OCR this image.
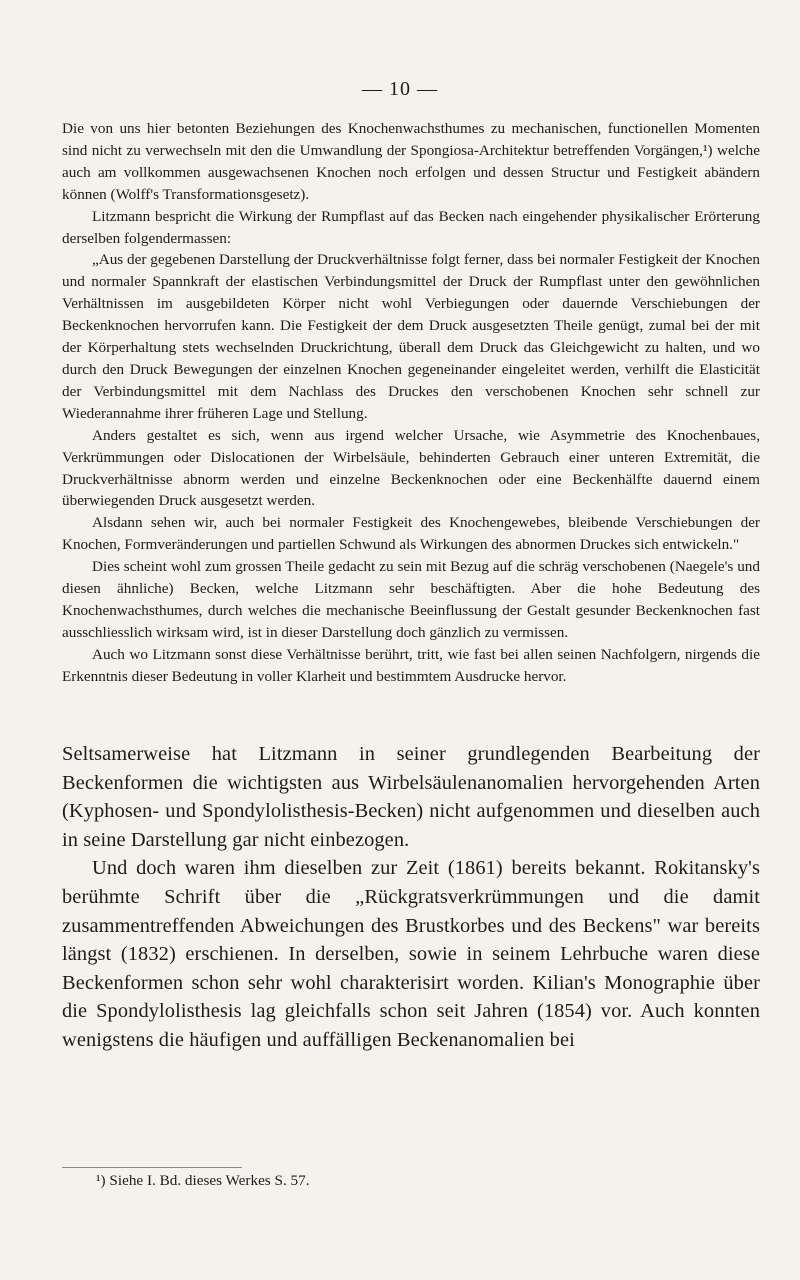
— 10 —

Die von uns hier betonten Beziehungen des Knochenwachsthumes zu mechanischen, functionellen Momenten sind nicht zu verwechseln mit den die Umwandlung der Spongiosa-Architektur betreffenden Vorgängen,¹) welche auch am vollkommen ausgewachsenen Knochen noch erfolgen und dessen Structur und Festigkeit abändern können (Wolff's Transformationsgesetz).

Litzmann bespricht die Wirkung der Rumpflast auf das Becken nach eingehender physikalischer Erörterung derselben folgendermassen:

„Aus der gegebenen Darstellung der Druckverhältnisse folgt ferner, dass bei normaler Festigkeit der Knochen und normaler Spannkraft der elastischen Verbindungsmittel der Druck der Rumpflast unter den gewöhnlichen Verhältnissen im ausgebildeten Körper nicht wohl Verbiegungen oder dauernde Verschiebungen der Beckenknochen hervorrufen kann. Die Festigkeit der dem Druck ausgesetzten Theile genügt, zumal bei der mit der Körperhaltung stets wechselnden Druckrichtung, überall dem Druck das Gleichgewicht zu halten, und wo durch den Druck Bewegungen der einzelnen Knochen gegeneinander eingeleitet werden, verhilft die Elasticität der Verbindungsmittel mit dem Nachlass des Druckes den verschobenen Knochen sehr schnell zur Wiederannahme ihrer früheren Lage und Stellung.

Anders gestaltet es sich, wenn aus irgend welcher Ursache, wie Asymmetrie des Knochenbaues, Verkrümmungen oder Dislocationen der Wirbelsäule, behinderten Gebrauch einer unteren Extremität, die Druckverhältnisse abnorm werden und einzelne Beckenknochen oder eine Beckenhälfte dauernd einem überwiegenden Druck ausgesetzt werden.

Alsdann sehen wir, auch bei normaler Festigkeit des Knochengewebes, bleibende Verschiebungen der Knochen, Formveränderungen und partiellen Schwund als Wirkungen des abnormen Druckes sich entwickeln."

Dies scheint wohl zum grossen Theile gedacht zu sein mit Bezug auf die schräg verschobenen (Naegele's und diesen ähnliche) Becken, welche Litzmann sehr beschäftigten. Aber die hohe Bedeutung des Knochenwachsthumes, durch welches die mechanische Beeinflussung der Gestalt gesunder Beckenknochen fast ausschliesslich wirksam wird, ist in dieser Darstellung doch gänzlich zu vermissen.

Auch wo Litzmann sonst diese Verhältnisse berührt, tritt, wie fast bei allen seinen Nachfolgern, nirgends die Erkenntnis dieser Bedeutung in voller Klarheit und bestimmtem Ausdrucke hervor.

Seltsamerweise hat Litzmann in seiner grundlegenden Bearbeitung der Beckenformen die wichtigsten aus Wirbelsäulenanomalien hervorgehenden Arten (Kyphosen- und Spondylolisthesis-Becken) nicht aufgenommen und dieselben auch in seine Darstellung gar nicht einbezogen.

Und doch waren ihm dieselben zur Zeit (1861) bereits bekannt. Rokitansky's berühmte Schrift über die „Rückgratsverkrümmungen und die damit zusammentreffenden Abweichungen des Brustkorbes und des Beckens" war bereits längst (1832) erschienen. In derselben, sowie in seinem Lehrbuche waren diese Beckenformen schon sehr wohl charakterisirt worden. Kilian's Monographie über die Spondylolisthesis lag gleichfalls schon seit Jahren (1854) vor. Auch konnten wenigstens die häufigen und auffälligen Beckenanomalien bei

¹) Siehe I. Bd. dieses Werkes S. 57.
